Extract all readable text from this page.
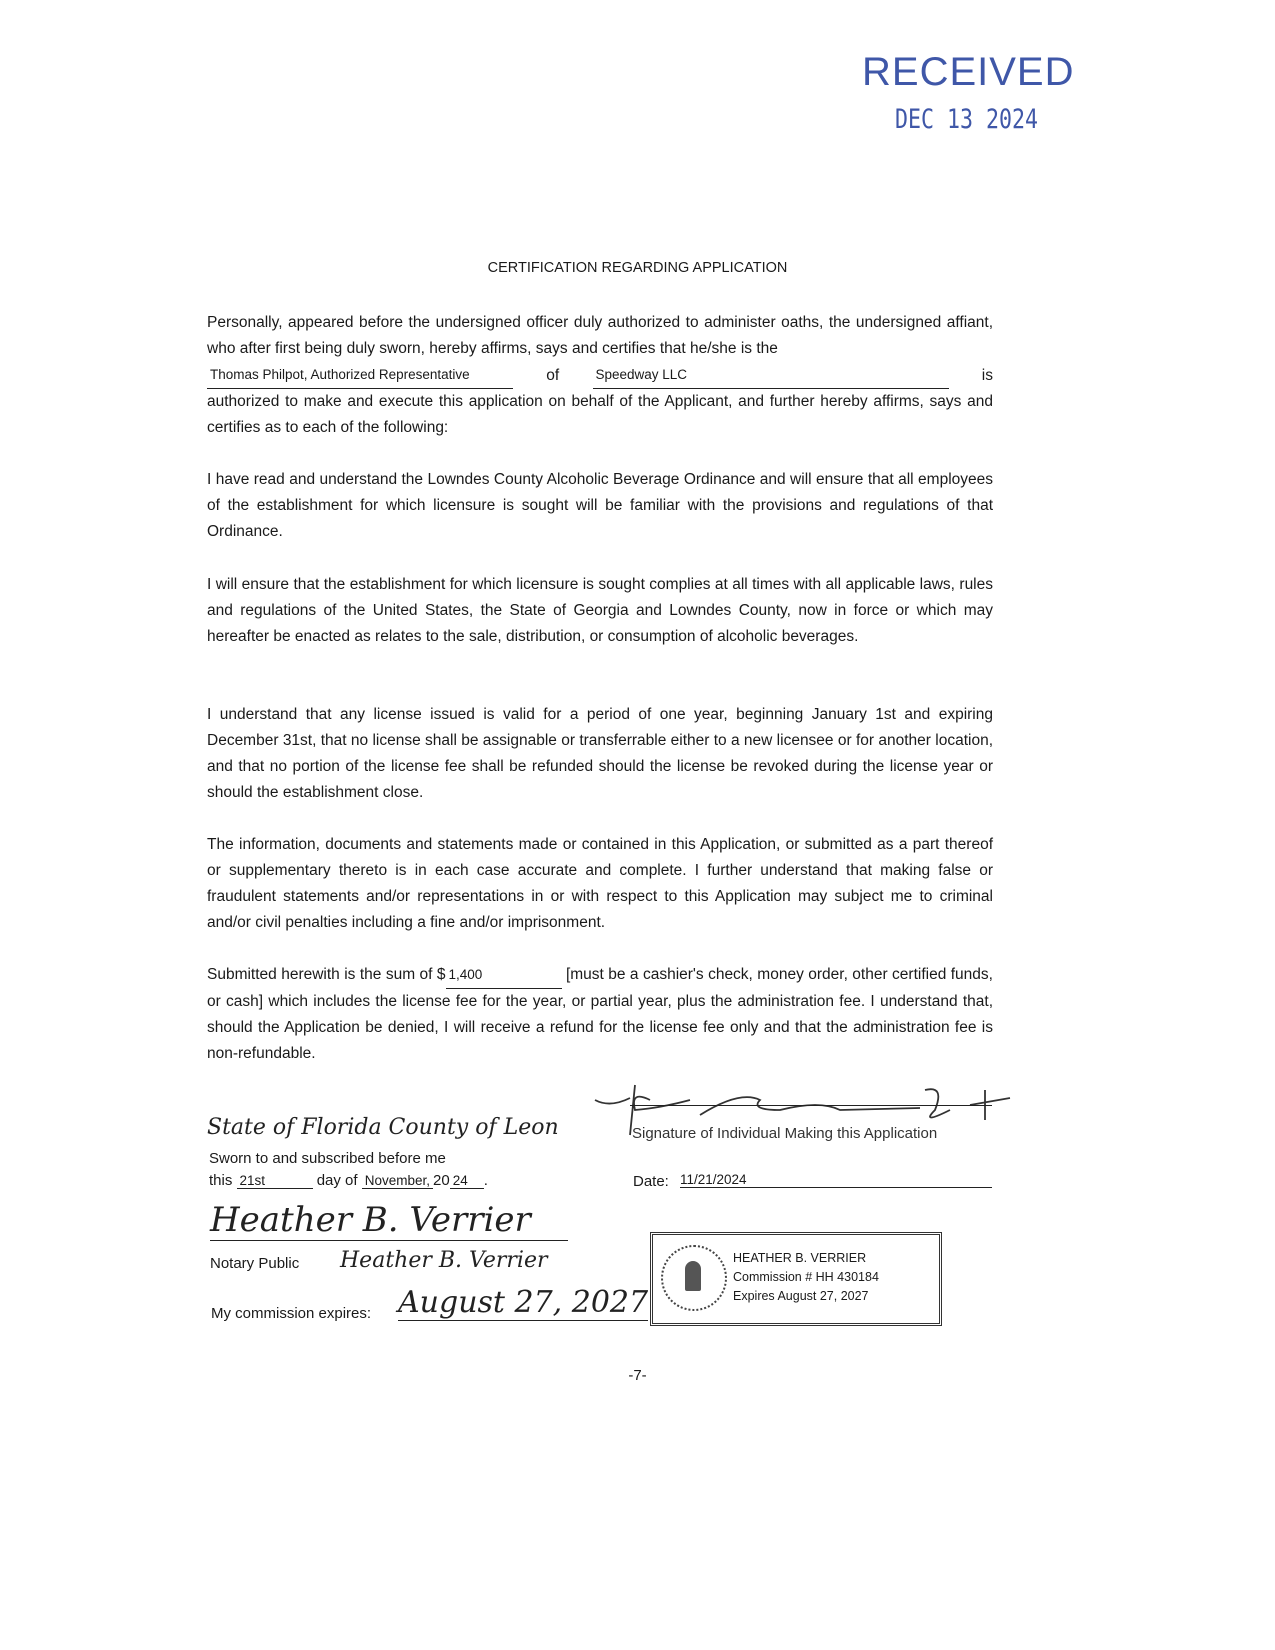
RECEIVED
DEC 13 2024
CERTIFICATION REGARDING APPLICATION

Personally, appeared before the undersigned officer duly authorized to administer oaths, the undersigned affiant, who after first being duly sworn, hereby affirms, says and certifies that he/she is the

Thomas Philpot, Authorized Representative	of	Speedway LLC	is

authorized to make and execute this application on behalf of the Applicant, and further hereby affirms, says and certifies as to each of the following:

I have read and understand the Lowndes County Alcoholic Beverage Ordinance and will ensure that all employees of the establishment for which licensure is sought will be familiar with the provisions and regulations of that Ordinance.
I will ensure that the establishment for which licensure is sought complies at all times with all applicable laws, rules and regulations of the United States, the State of Georgia and Lowndes County, now in force or which may hereafter be enacted as relates to the sale, distribution, or consumption of alcoholic beverages.
I understand that any license issued is valid for a period of one year, beginning January 1st and expiring December 31st, that no license shall be assignable or transferrable either to a new licensee or for another location, and that no portion of the license fee shall be refunded should the license be revoked during the license year or should the establishment close.
The information, documents and statements made or contained in this Application, or submitted as a part thereof or supplementary thereto is in each case accurate and complete. I further understand that making false or fraudulent statements and/or representations in or with respect to this Application may subject me to criminal and/or civil penalties including a fine and/or imprisonment.
Submitted herewith is the sum of $ 1,400	[must be a cashier's check, money order, other certified funds, or cash] which includes the license fee for the year, or partial year, plus the administration fee. I understand that, should the Application be denied, I will receive a refund for the license fee only and that the administration fee is non-refundable.
State of Florida County of Leon
Sworn to and subscribed before me
this 21st	day of November, 20 24 .
Heather B. Verrier
Notary Public Heather B. Verrier
My commission expires: August 27, 2027
Signature of Individual Making this Application
Date: 11/21/2024
HEATHER B. VERRIER
Commission # HH 430184
Expires August 27, 2027
-7-
